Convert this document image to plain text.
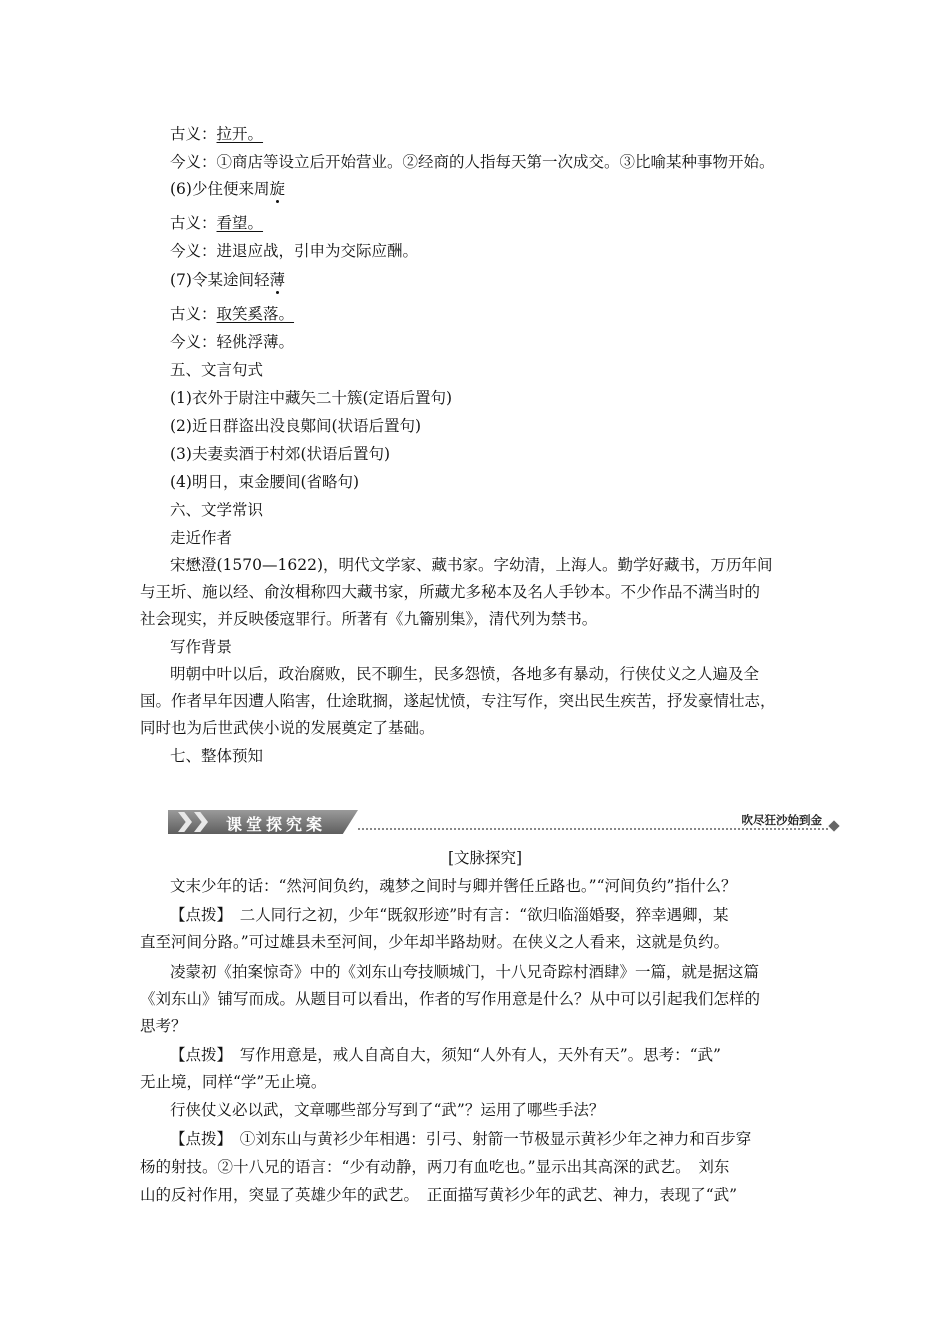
古义：拉开。
今义：①商店等设立后开始营业。②经商的人指每天第一次成交。③比喻某种事物开始。
(6)少住便来周旋
古义：看望。
今义：进退应战，引申为交际应酬。
(7)令某途间轻薄
古义：取笑奚落。
今义：轻佻浮薄。
五、文言句式
(1)衣外于尉注中藏矢二十簇(定语后置句)
(2)近日群盗出没良鄚间(状语后置句)
(3)夫妻卖酒于村郊(状语后置句)
(4)明日，束金腰间(省略句)
六、文学常识
走近作者
宋懋澄(1570—1622)，明代文学家、藏书家。字幼清，上海人。勤学好藏书，万历年间
与王圻、施以经、俞汝楫称四大藏书家，所藏尤多秘本及名人手钞本。不少作品不满当时的
社会现实，并反映倭寇罪行。所著有《九籥别集》，清代列为禁书。
写作背景
明朝中叶以后，政治腐败，民不聊生，民多怨愤，各地多有暴动，行侠仗义之人遍及全
国。作者早年因遭人陷害，仕途耽搁，遂起忧愤，专注写作，突出民生疾苦，抒发豪情壮志，
同时也为后世武侠小说的发展奠定了基础。
七、整体预知
课堂探究案	吹尽狂沙始到金
[文脉探究]
文末少年的话：“然河间负约，魂梦之间时与卿并辔任丘路也。”“河间负约”指什么？
【点拨】　 二人同行之初，少年“既叙形迹”时有言：“欲归临淄婚娶，猝幸遇卿，某
直至河间分路。”可过雄县未至河间，少年却半路劫财。在侠义之人看来，这就是负约。
凌蒙初《拍案惊奇》中的《刘东山夸技顺城门，十八兄奇踪村酒肆》一篇，就是据这篇
《刘东山》铺写而成。从题目可以看出，作者的写作用意是什么？从中可以引起我们怎样的
思考？
【点拨】　 写作用意是，戒人自高自大，须知“人外有人，天外有天”。思考：“武”
无止境，同样“学”无止境。
行侠仗义必以武，文章哪些部分写到了“武”？运用了哪些手法？
【点拨】　 ①刘东山与黄衫少年相遇：引弓、射箭一节极显示黄衫少年之神力和百步穿
杨的射技。②十八兄的语言：“少有动静，两刀有血吃也。”显示出其高深的武艺。　刘东
山的反衬作用，突显了英雄少年的武艺。　正面描写黄衫少年的武艺、神力，表现了“武”
